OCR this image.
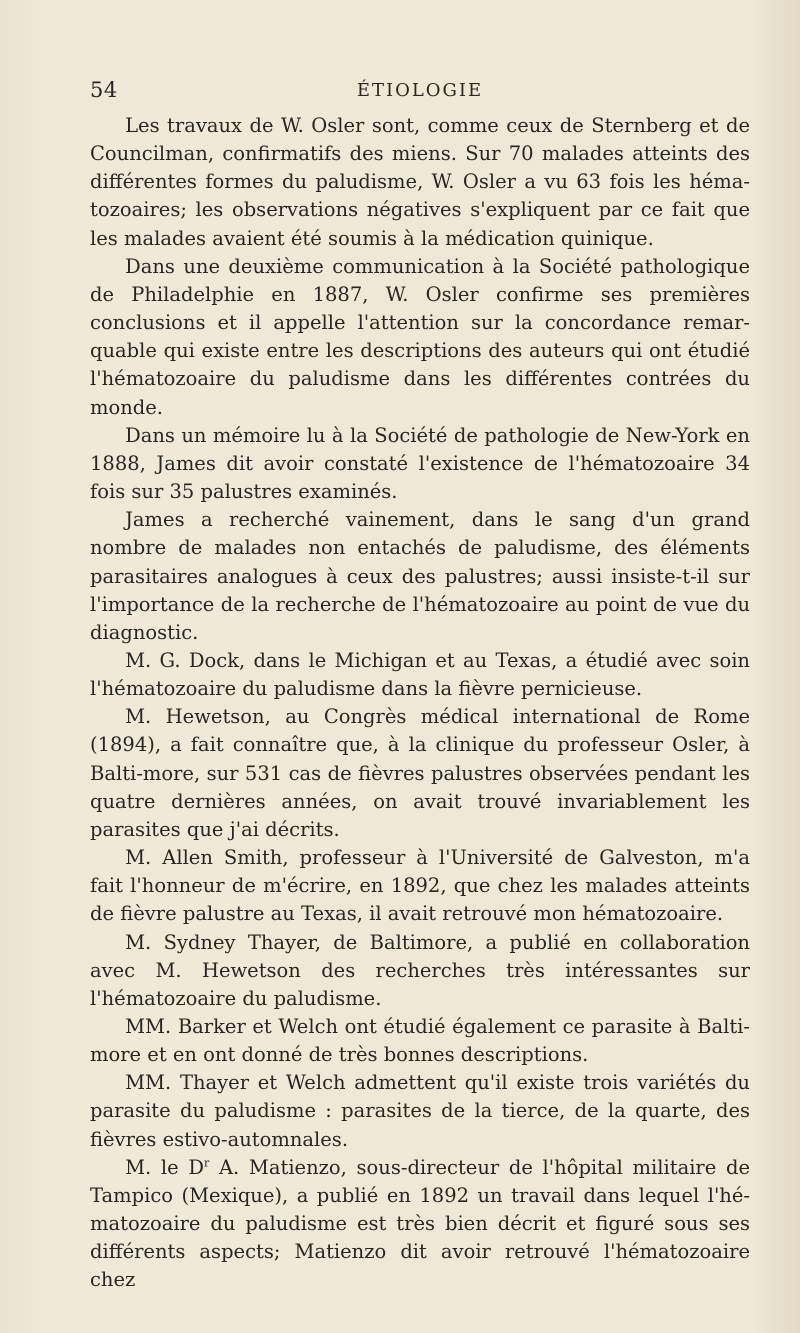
54	ÉTIOLOGIE

Les travaux de W. Osler sont, comme ceux de Sternberg et de Councilman, confirmatifs des miens. Sur 70 malades atteints des différentes formes du paludisme, W. Osler a vu 63 fois les héma-tozoaires; les observations négatives s'expliquent par ce fait que les malades avaient été soumis à la médication quinique.

Dans une deuxième communication à la Société pathologique de Philadelphie en 1887, W. Osler confirme ses premières conclusions et il appelle l'attention sur la concordance remar-quable qui existe entre les descriptions des auteurs qui ont étudié l'hématozoaire du paludisme dans les différentes contrées du monde.

Dans un mémoire lu à la Société de pathologie de New-York en 1888, James dit avoir constaté l'existence de l'hématozoaire 34 fois sur 35 palustres examinés.

James a recherché vainement, dans le sang d'un grand nombre de malades non entachés de paludisme, des éléments parasitaires analogues à ceux des palustres; aussi insiste-t-il sur l'importance de la recherche de l'hématozoaire au point de vue du diagnostic.

M. G. Dock, dans le Michigan et au Texas, a étudié avec soin l'hématozoaire du paludisme dans la fièvre pernicieuse.

M. Hewetson, au Congrès médical international de Rome (1894), a fait connaître que, à la clinique du professeur Osler, à Balti-more, sur 531 cas de fièvres palustres observées pendant les quatre dernières années, on avait trouvé invariablement les parasites que j'ai décrits.

M. Allen Smith, professeur à l'Université de Galveston, m'a fait l'honneur de m'écrire, en 1892, que chez les malades atteints de fièvre palustre au Texas, il avait retrouvé mon hématozoaire.

M. Sydney Thayer, de Baltimore, a publié en collaboration avec M. Hewetson des recherches très intéressantes sur l'hématozoaire du paludisme.

MM. Barker et Welch ont étudié également ce parasite à Balti-more et en ont donné de très bonnes descriptions.

MM. Thayer et Welch admettent qu'il existe trois variétés du parasite du paludisme : parasites de la tierce, de la quarte, des fièvres estivo-automnales.

M. le $D^r$ A. Matienzo, sous-directeur de l'hôpital militaire de Tampico (Mexique), a publié en 1892 un travail dans lequel l'hé-matozoaire du paludisme est très bien décrit et figuré sous ses différents aspects; Matienzo dit avoir retrouvé l'hématozoaire chez
